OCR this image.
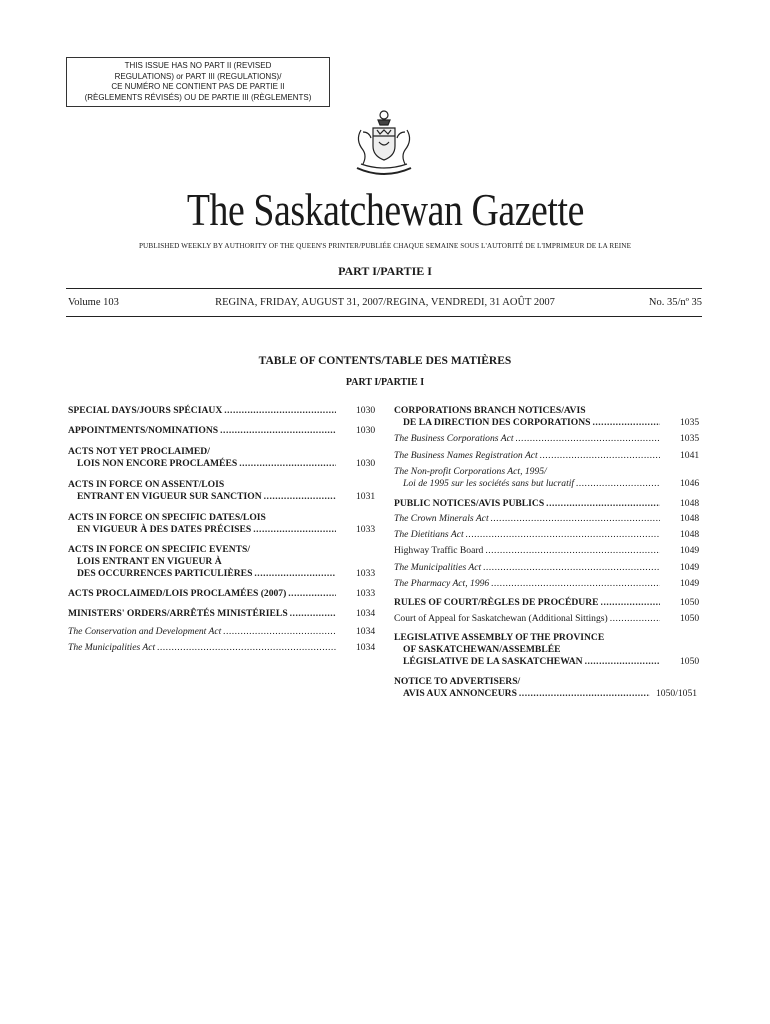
THIS ISSUE HAS NO PART II (REVISED
REGULATIONS) or PART III (REGULATIONS)/
CE NUMÉRO NE CONTIENT PAS DE PARTIE II
(RÈGLEMENTS RÉVISÉS) OU DE PARTIE III (RÈGLEMENTS)
The Saskatchewan Gazette
PUBLISHED WEEKLY BY AUTHORITY OF THE QUEEN'S PRINTER/PUBLIÉE CHAQUE SEMAINE SOUS L'AUTORITÉ DE L'IMPRIMEUR DE LA REINE
PART I/PARTIE I
Volume 103	REGINA, FRIDAY, AUGUST 31, 2007/REGINA, VENDREDI, 31 AOÛT 2007	No. 35/nº 35
TABLE OF CONTENTS/TABLE DES MATIÈRES
PART I/PARTIE I
SPECIAL DAYS/JOURS SPÉCIAUX .....	1030
APPOINTMENTS/NOMINATIONS .....	1030
ACTS NOT YET PROCLAIMED/
LOIS NON ENCORE PROCLAMÉES .....	1030
ACTS IN FORCE ON ASSENT/LOIS
ENTRANT EN VIGUEUR SUR SANCTION .....	1031
ACTS IN FORCE ON SPECIFIC DATES/LOIS
EN VIGUEUR À DES DATES PRÉCISES .....	1033
ACTS IN FORCE ON SPECIFIC EVENTS/
LOIS ENTRANT EN VIGUEUR À
DES OCCURRENCES PARTICULIÈRES .....	1033
ACTS PROCLAIMED/LOIS PROCLAMÉES (2007) .....	1033
MINISTERS' ORDERS/ARRÊTÉS MINISTÉRIELS .....	1034
The Conservation and Development Act .....	1034
The Municipalities Act .....	1034
CORPORATIONS BRANCH NOTICES/AVIS
DE LA DIRECTION DES CORPORATIONS .....	1035
The Business Corporations Act .....	1035
The Business Names Registration Act .....	1041
The Non-profit Corporations Act, 1995/
Loi de 1995 sur les sociétés sans but lucratif .....	1046
PUBLIC NOTICES/AVIS PUBLICS .....	1048
The Crown Minerals Act .....	1048
The Dietitians Act .....	1048
Highway Traffic Board .....	1049
The Municipalities Act .....	1049
The Pharmacy Act, 1996 .....	1049
RULES OF COURT/RÈGLES DE PROCÉDURE .....	1050
Court of Appeal for Saskatchewan (Additional Sittings) .....	1050
LEGISLATIVE ASSEMBLY OF THE PROVINCE
OF SASKATCHEWAN/ASSEMBLÉE
LÉGISLATIVE DE LA SASKATCHEWAN .....	1050
NOTICE TO ADVERTISERS/
AVIS AUX ANNONCEURS .....	1050/1051
